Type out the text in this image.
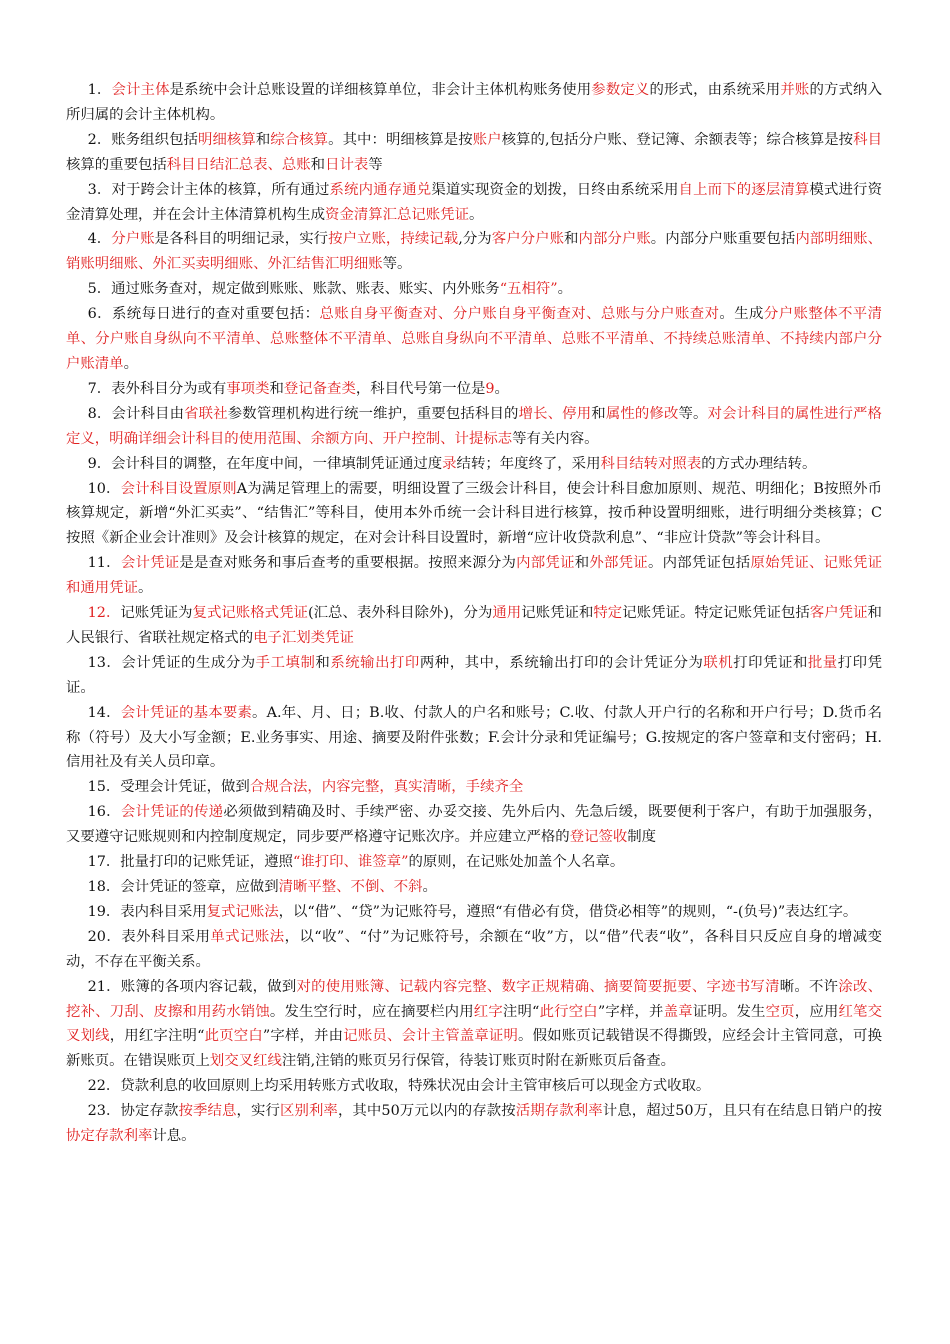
1．会计主体是系统中会计总账设置的详细核算单位，非会计主体机构账务使用参数定义的形式，由系统采用并账的方式纳入所归属的会计主体机构。

2．账务组织包括明细核算和综合核算。其中：明细核算是按账户核算的,包括分户账、登记簿、余额表等；综合核算是按科目核算的重要包括科目日结汇总表、总账和日计表等

3．对于跨会计主体的核算，所有通过系统内通存通兑渠道实现资金的划拨，日终由系统采用自上而下的逐层清算模式进行资金清算处理，并在会计主体清算机构生成资金清算汇总记账凭证。

4．分户账是各科目的明细记录，实行按户立账，持续记载,分为客户分户账和内部分户账。内部分户账重要包括内部明细账、销账明细账、外汇买卖明细账、外汇结售汇明细账等。

5．通过账务查对，规定做到账账、账款、账表、账实、内外账务“五相符”。

6．系统每日进行的查对重要包括：总账自身平衡查对、分户账自身平衡查对、总账与分户账查对。生成分户账整体不平清单、分户账自身纵向不平清单、总账整体不平清单、总账自身纵向不平清单、总账不平清单、不持续总账清单、不持续内部户分户账清单。

7．表外科目分为或有事项类和登记备查类，科目代号第一位是9。

8．会计科目由省联社参数管理机构进行统一维护，重要包括科目的增长、停用和属性的修改等。对会计科目的属性进行严格定义，明确详细会计科目的使用范围、余额方向、开户控制、计提标志等有关内容。

9．会计科目的调整，在年度中间，一律填制凭证通过度录结转；年度终了，采用科目结转对照表的方式办理结转。

10．会计科目设置原则A为满足管理上的需要，明细设置了三级会计科目，使会计科目愈加原则、规范、明细化；B按照外币核算规定，新增“外汇买卖”、“结售汇”等科目，使用本外币统一会计科目进行核算，按币种设置明细账，进行明细分类核算；C按照《新企业会计准则》及会计核算的规定，在对会计科目设置时，新增“应计收贷款利息”、“非应计贷款”等会计科目。

11．会计凭证是是查对账务和事后查考的重要根据。按照来源分为内部凭证和外部凭证。内部凭证包括原始凭证、记账凭证和通用凭证。

12．记账凭证为复式记账格式凭证(汇总、表外科目除外)，分为通用记账凭证和特定记账凭证。特定记账凭证包括客户凭证和人民银行、省联社规定格式的电子汇划类凭证

13．会计凭证的生成分为手工填制和系统输出打印两种，其中，系统输出打印的会计凭证分为联机打印凭证和批量打印凭证。

14．会计凭证的基本要素。A.年、月、日；B.收、付款人的户名和账号；C.收、付款人开户行的名称和开户行号；D.货币名称（符号）及大小写金额；E.业务事实、用途、摘要及附件张数；F.会计分录和凭证编号；G.按规定的客户签章和支付密码；H.信用社及有关人员印章。

15．受理会计凭证，做到合规合法，内容完整，真实清晰，手续齐全

16．会计凭证的传递必须做到精确及时、手续严密、办妥交接、先外后内、先急后缓，既要便利于客户，有助于加强服务，又要遵守记账规则和内控制度规定，同步要严格遵守记账次序。并应建立严格的登记签收制度

17．批量打印的记账凭证，遵照“谁打印、谁签章”的原则，在记账处加盖个人名章。

18．会计凭证的签章，应做到清晰平整、不倒、不斜。

19．表内科目采用复式记账法，以“借”、“贷”为记账符号，遵照“有借必有贷，借贷必相等”的规则，“-(负号)”表达红字。

20．表外科目采用单式记账法，以“收”、“付”为记账符号，余额在“收”方，以“借”代表“收”，各科目只反应自身的增减变动，不存在平衡关系。

21．账簿的各项内容记载，做到对的使用账簿、记载内容完整、数字正规精确、摘要简要扼要、字迹书写清晰。不许涂改、挖补、刀刮、皮擦和用药水销蚀。发生空行时，应在摘要栏内用红字注明“此行空白”字样，并盖章证明。发生空页，应用红笔交叉划线，用红字注明“此页空白”字样，并由记账员、会计主管盖章证明。假如账页记载错误不得撕毁，应经会计主管同意，可换新账页。在错误账页上划交叉红线注销,注销的账页另行保管，待装订账页时附在新账页后备查。

22．贷款利息的收回原则上均采用转账方式收取，特殊状况由会计主管审核后可以现金方式收取。

23．协定存款按季结息，实行区别利率，其中50万元以内的存款按活期存款利率计息，超过50万，且只有在结息日销户的按协定存款利率计息。
